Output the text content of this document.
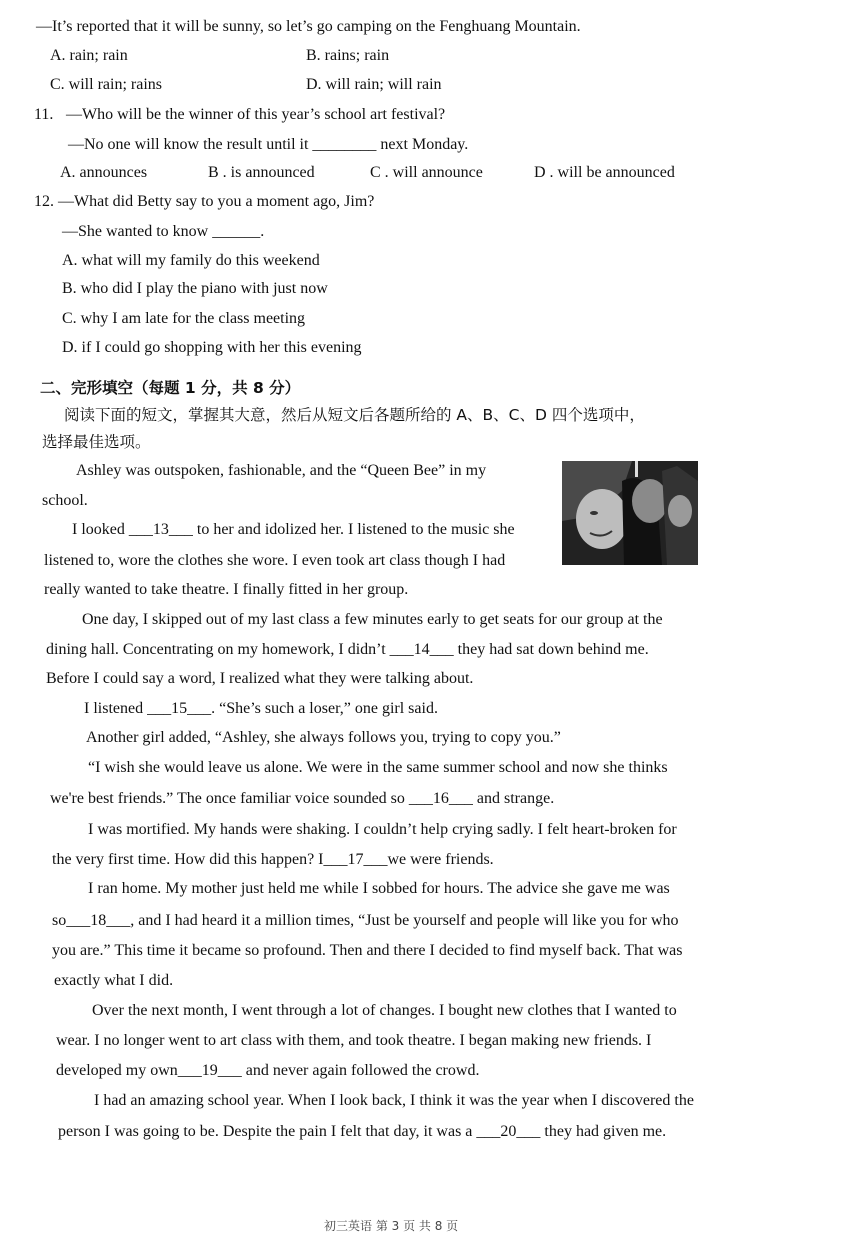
—It’s reported that it will be sunny, so let’s go camping on the Fenghuang Mountain.
A. rain; rain	B. rains; rain
C. will rain; rains	D. will rain; will rain
11. —Who will be the winner of this year’s school art festival?
—No one will know the result until it ________ next Monday.
A. announces	B . is announced	C . will announce	D . will be announced
12. —What did Betty say to you a moment ago, Jim?
—She wanted to know ______.
A. what will my family do this weekend
B. who did I play the piano with just now
C. why I am late for the class meeting
D. if I could go shopping with her this evening
二、完形填空（每题 1 分，共 8 分）
阅读下面的短文，掌握其大意，然后从短文后各题所给的 A、B、C、D 四个选项中，
选择最佳选项。
Ashley was outspoken, fashionable, and the “Queen Bee” in my
school.
I looked ___13___ to her and idolized her. I listened to the music she
listened to, wore the clothes she wore. I even took art class though I had
really wanted to take theatre. I finally fitted in her group.
One day, I skipped out of my last class a few minutes early to get seats for our group at the
dining hall. Concentrating on my homework, I didn’t ___14___ they had sat down behind me.
Before I could say a word, I realized what they were talking about.
I listened ___15___. “She’s such a loser,” one girl said.
Another girl added, “Ashley, she always follows you, trying to copy you.”
“I wish she would leave us alone. We were in the same summer school and now she thinks
we're best friends.” The once familiar voice sounded so ___16___ and strange.
I was mortified. My hands were shaking. I couldn’t help crying sadly. I felt heart-broken for
the very first time. How did this happen? I___17___we were friends.
I ran home. My mother just held me while I sobbed for hours. The advice she gave me was
so___18___, and I had heard it a million times, “Just be yourself and people will like you for who
you are.” This time it became so profound. Then and there I decided to find myself back. That was
exactly what I did.
Over the next month, I went through a lot of changes. I bought new clothes that I wanted to
wear. I no longer went to art class with them, and took theatre. I began making new friends. I
developed my own___19___ and never again followed the crowd.
I had an amazing school year. When I look back, I think it was the year when I discovered the
person I was going to be. Despite the pain I felt that day, it was a ___20___ they had given me.
初三英语 第 3 页 共 8 页
